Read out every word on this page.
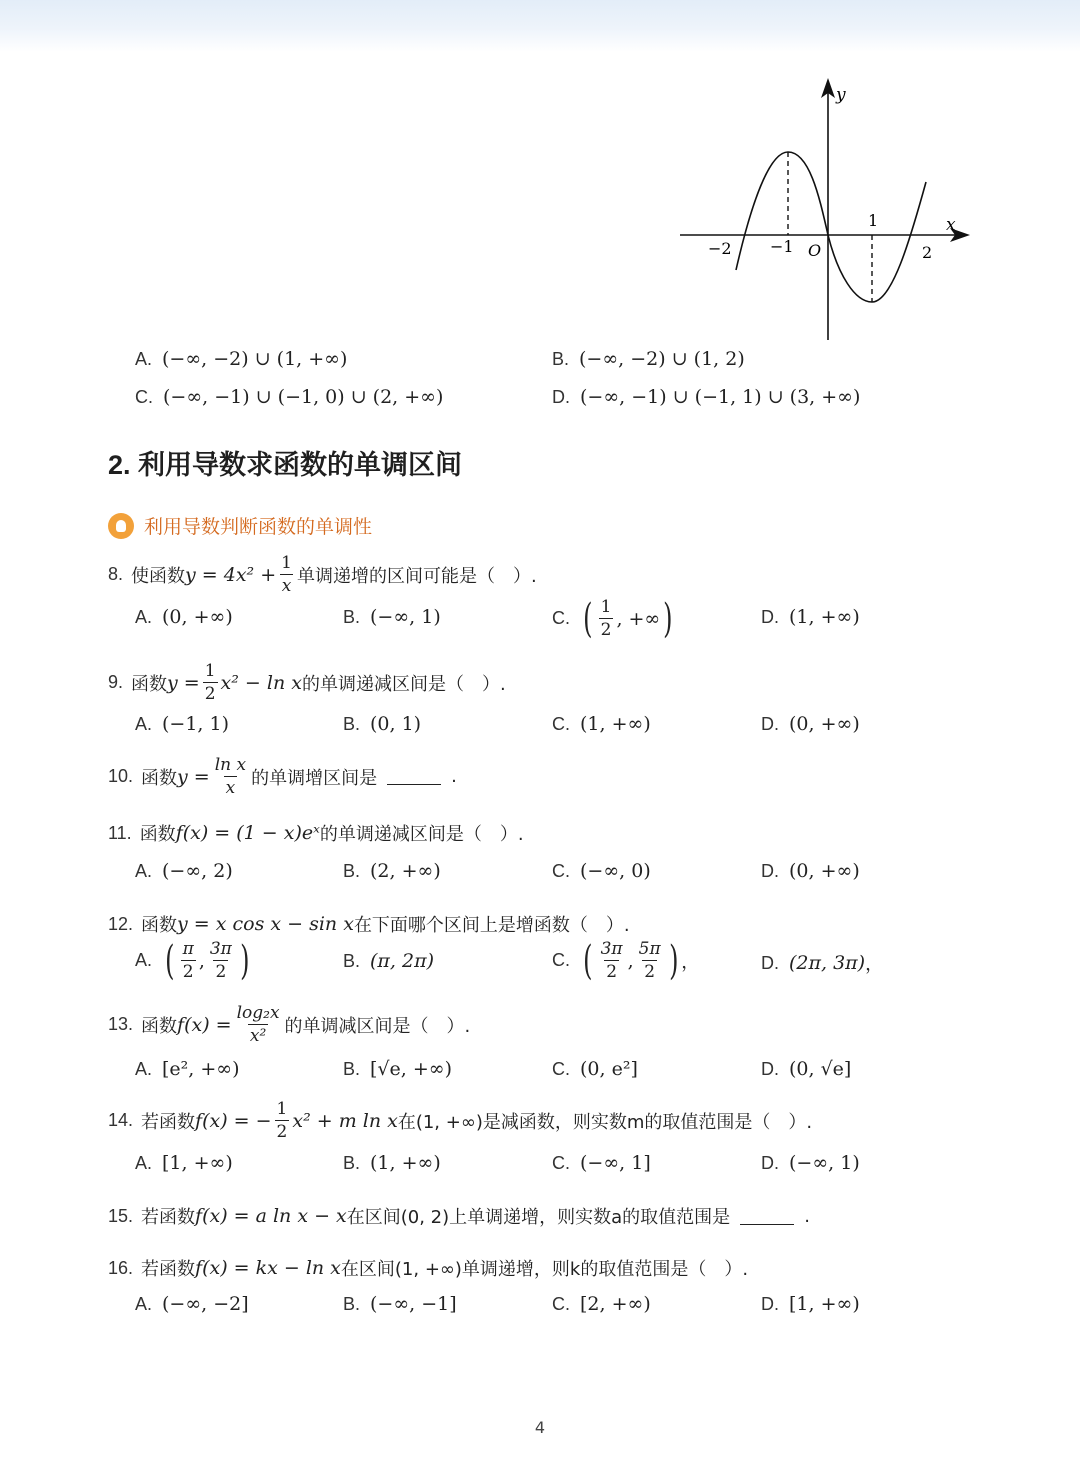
y
x
O
−2 −1
1
2
A. (−∞, −2) ∪ (1, +∞)	B. (−∞, −2) ∪ (1, 2)
C. (−∞, −1) ∪ (−1, 0) ∪ (2, +∞)	D. (−∞, −1) ∪ (−1, 1) ∪ (3, +∞)
2. 利用导数求函数的单调区间
利用导数判断函数的单调性
8. 使函数 $y = 4x^2 + \frac{1}{x}$ 单调递增的区间可能是（　）.
A. (0, +∞)	B. (−∞, 1)	C. ( $\frac{1}{2}$ , +∞ )	D. (1, +∞)
9. 函数 $y = \frac{1}{2} x^2 - \ln x$ 的单调递减区间是（　）.
A. (−1, 1)	B. (0, 1)	C. (1, +∞)	D. (0, +∞)
10. 函数 $y = \frac{\text{ln x}}{x}$ 的单调增区间是	.
11. 函数 f(x) = (1 − x)eˣ 的单调递减区间是（　）.
A. (−∞, 2)	B. (2, +∞)	C. (−∞, 0)	D. (0, +∞)
12. 函数 y = x cos x − sin x 在下面哪个区间上是增函数（　）.
A. ( $\frac{\pi}{2}$ , $\frac{3\pi}{2}$ )	B. (π, 2π)	C. ( $\frac{3\pi}{2}$ , $\frac{5\pi}{2}$ ) ，	D. (2π, 3π) ，
13. 函数 $f(x) = \frac{\text{log₂x}}{\text{x²}}$ 的单调减区间是（　）.
A. [e², +∞)	B. [√e, +∞)	C. (0, e²]	D. (0, √e]
14. 若函数 f(x) = − $\frac{1}{2} x^2 + m$ ln x 在(1, +∞)是减函数，则实数m的取值范围是（　）.
A. [1, +∞)	B. (1, +∞)	C. (−∞, 1]	D. (−∞, 1)
15. 若函数 f(x) = a ln x − x 在区间(0, 2)上单调递增，则实数a的取值范围是	.
16. 若函数 f(x) = kx − ln x 在区间(1, +∞)单调递增，则k的取值范围是（　）.
A. (−∞, −2]	B. (−∞, −1]	C. [2, +∞)	D. [1, +∞)
4
